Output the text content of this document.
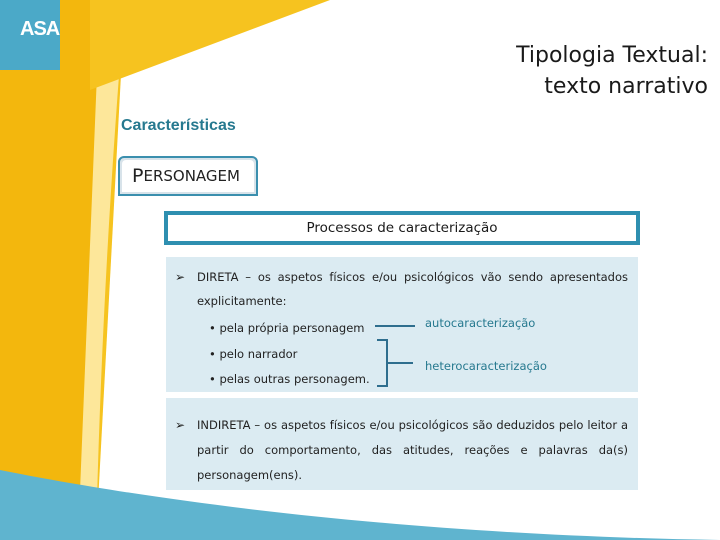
ASA
Tipologia Textual:
texto narrativo
Características
P ERSONAGEM
Processos de caracterização
➢ DIRETA – os aspetos físicos e/ou psicológicos vão sendo apresentados
explicitamente:
• pela própria personagem
• pelo narrador
• pelas outras personagem.
autocaracterização
heterocaracterização
➢ INDIRETA – os aspetos físicos e/ou psicológicos são deduzidos pelo leitor a
partir do comportamento, das atitudes, reações e palavras da(s)
personagem(ens).
